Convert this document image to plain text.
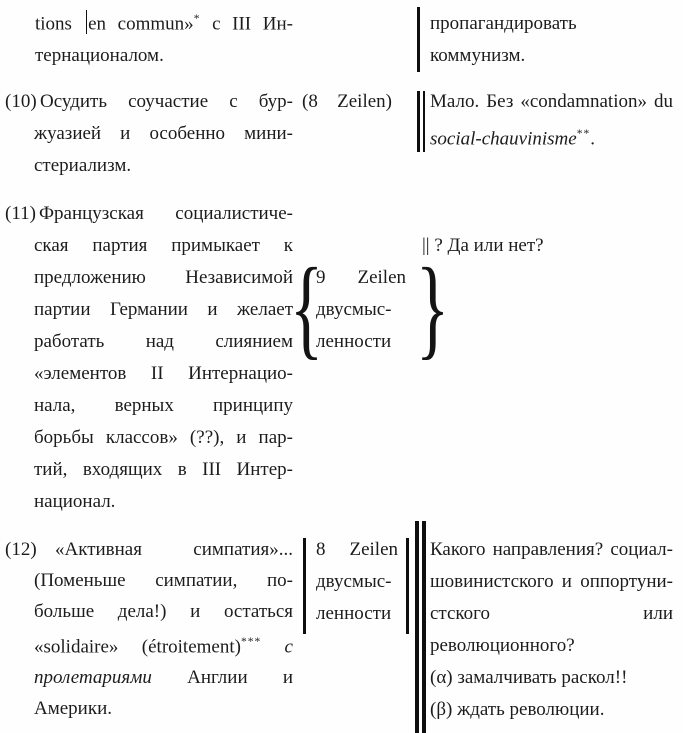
tions en commun»* с III Ин-
тернационалом.
пропагандировать
коммунизм.
(10) Осудить соучастие с бур-
жуазией и особенно мини-
стериализм.
(8 Zeilen) Мало. Без «condamnation» du
social-chauvinisme**.
(11) Французская социалистиче-
ская партия примыкает к
предложению Независимой
партии Германии и желает
работать над слиянием
«элементов II Интернацио-
нала, верных принципу
борьбы классов» (??), и пар-
тий, входящих в III Интер-
национал.
{
9 Zeilen
двусмыс-
ленности }
|| ? Да или нет?
(12) «Активная симпатия»...
(Поменьше симпатии, по-
больше дела!) и остаться
«solidaire» (étroitement)*** с
пролетариями Англии и
Америки.
8 Zeilen
двусмыс-
ленности
Какого направления? социал-
шовинистского и оппортуни-
стского или революционного?
(α) замалчивать раскол!!
(β) ждать революции.
